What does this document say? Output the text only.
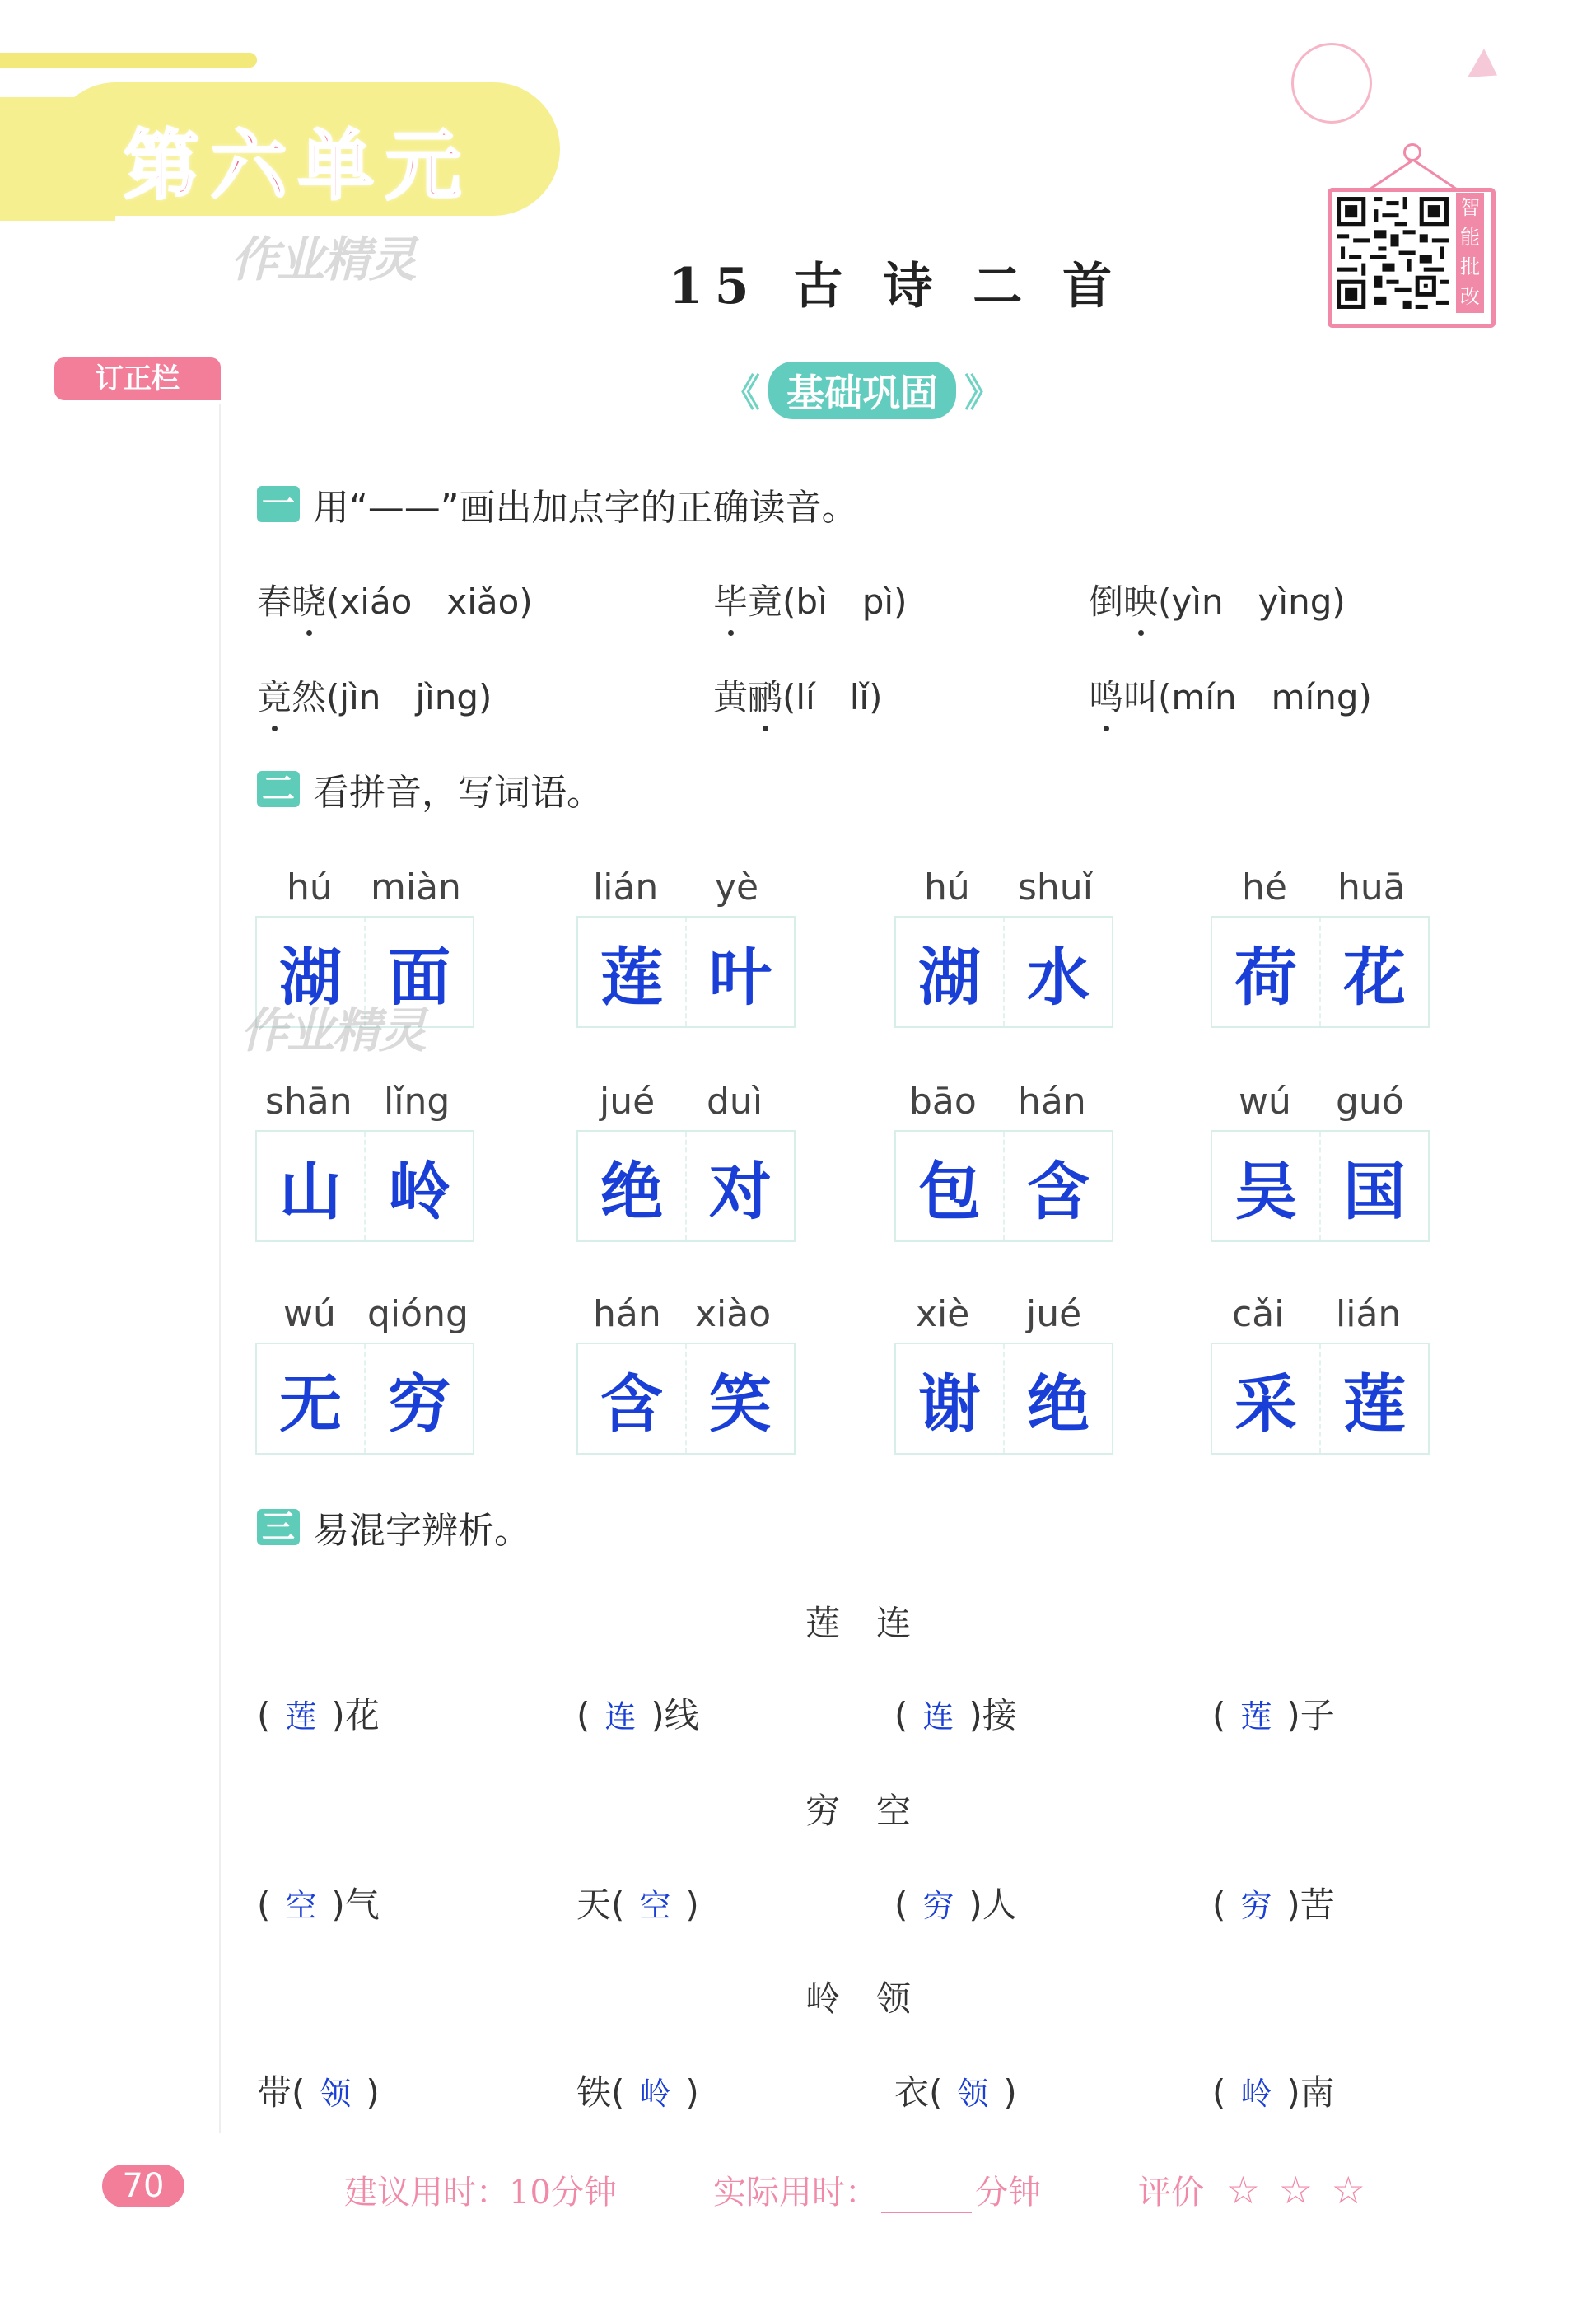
第 六 单 元
作业精灵
智
能
批
改
15 古 诗 二 首
订正栏	《 基础巩固 》
一 用“——”画出加点字的正确读音。
春晓(xiáo　xiǎo)	毕竟(bì　pì)	倒映(yìn　yìng)
竟然(jìn　jìng)	黄鹂(lí　lǐ)	鸣叫(mín　míng)
二 看拼音，写词语。
hú miàn
湖 面
lián yè
莲 叶
hú shuǐ
湖 水
hé huā
荷 花
作业精灵
shān lǐng
山 岭
jué duì
绝 对
bāo hán
包 含
wú guó
吴 国
wú qióng
无 穷
hán xiào
含 笑
xiè jué
谢 绝
cǎi lián
采 莲
三 易混字辨析。
莲连
( 莲 )花	( 连 )线	( 连 )接	( 莲 )子
穷空
( 空 )气	天( 空 )	( 穷 )人	( 穷 )苦
岭领
带( 领 )	铁( 岭 )	衣( 领 )	( 岭 )南
70	建议用时：10分钟	实际用时：	分钟	评价 ☆ ☆ ☆
